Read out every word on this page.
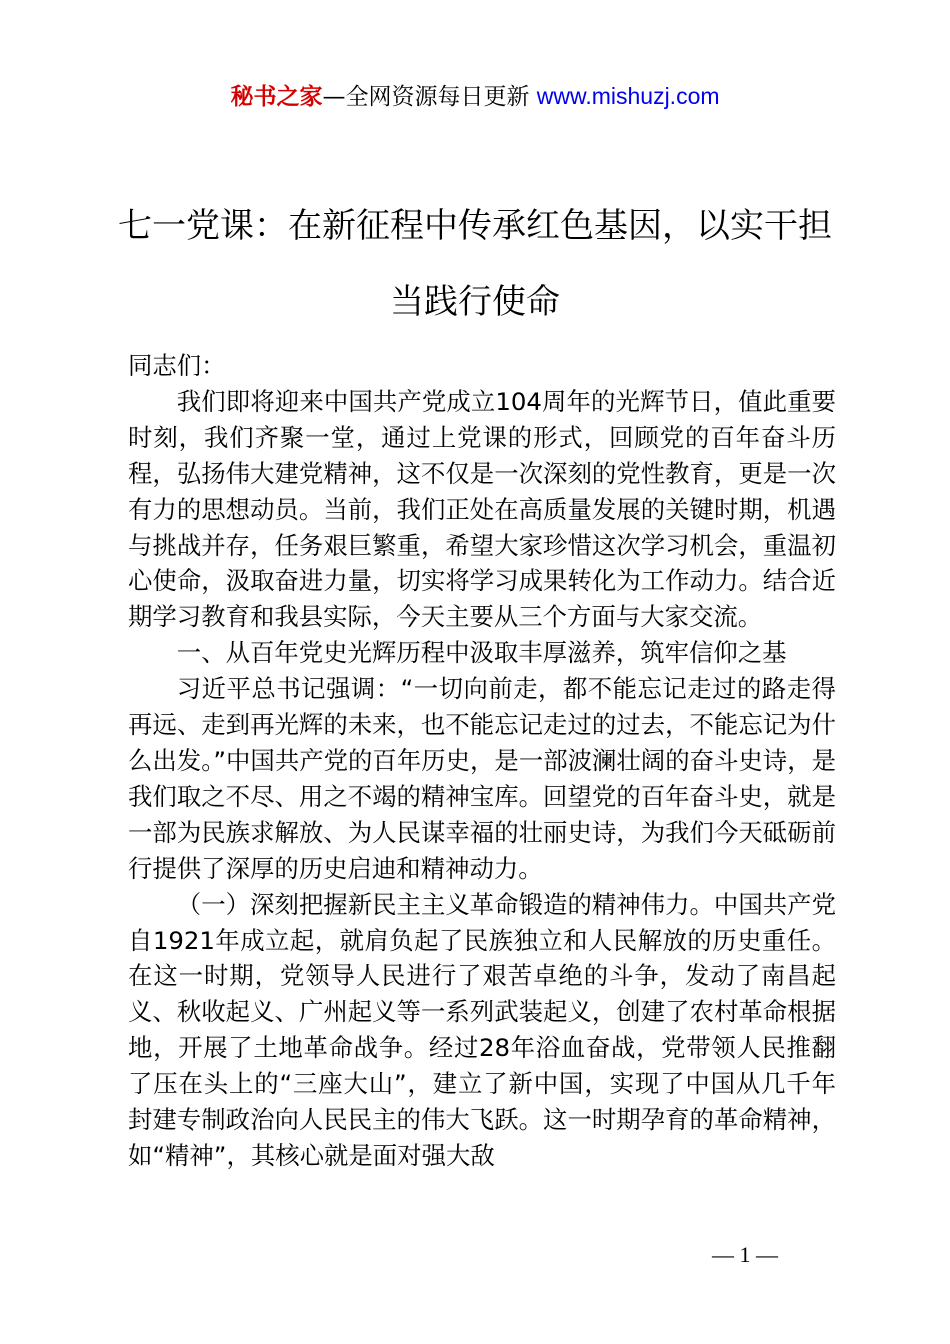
秘书之家—全网资源每日更新 www.mishuzj.com
七一党课：在新征程中传承红色基因，以实干担当践行使命

同志们：

我们即将迎来中国共产党成立104周年的光辉节日，值此重要时刻，我们齐聚一堂，通过上党课的形式，回顾党的百年奋斗历程，弘扬伟大建党精神，这不仅是一次深刻的党性教育，更是一次有力的思想动员。当前，我们正处在高质量发展的关键时期，机遇与挑战并存，任务艰巨繁重，希望大家珍惜这次学习机会，重温初心使命，汲取奋进力量，切实将学习成果转化为工作动力。结合近期学习教育和我县实际，今天主要从三个方面与大家交流。

一、从百年党史光辉历程中汲取丰厚滋养，筑牢信仰之基

习近平总书记强调：“一切向前走，都不能忘记走过的路走得再远、走到再光辉的未来，也不能忘记走过的过去，不能忘记为什么出发。”中国共产党的百年历史，是一部波澜壮阔的奋斗史诗，是我们取之不尽、用之不竭的精神宝库。回望党的百年奋斗史，就是一部为民族求解放、为人民谋幸福的壮丽史诗，为我们今天砥砺前行提供了深厚的历史启迪和精神动力。

（一）深刻把握新民主主义革命锻造的精神伟力。中国共产党自1921年成立起，就肩负起了民族独立和人民解放的历史重任。在这一时期，党领导人民进行了艰苦卓绝的斗争，发动了南昌起义、秋收起义、广州起义等一系列武装起义，创建了农村革命根据地，开展了土地革命战争。经过28年浴血奋战，党带领人民推翻了压在头上的“三座大山”，建立了新中国，实现了中国从几千年封建专制政治向人民民主的伟大飞跃。这一时期孕育的革命精神，如“精神”，其核心就是面对强大敌

— 1 —
